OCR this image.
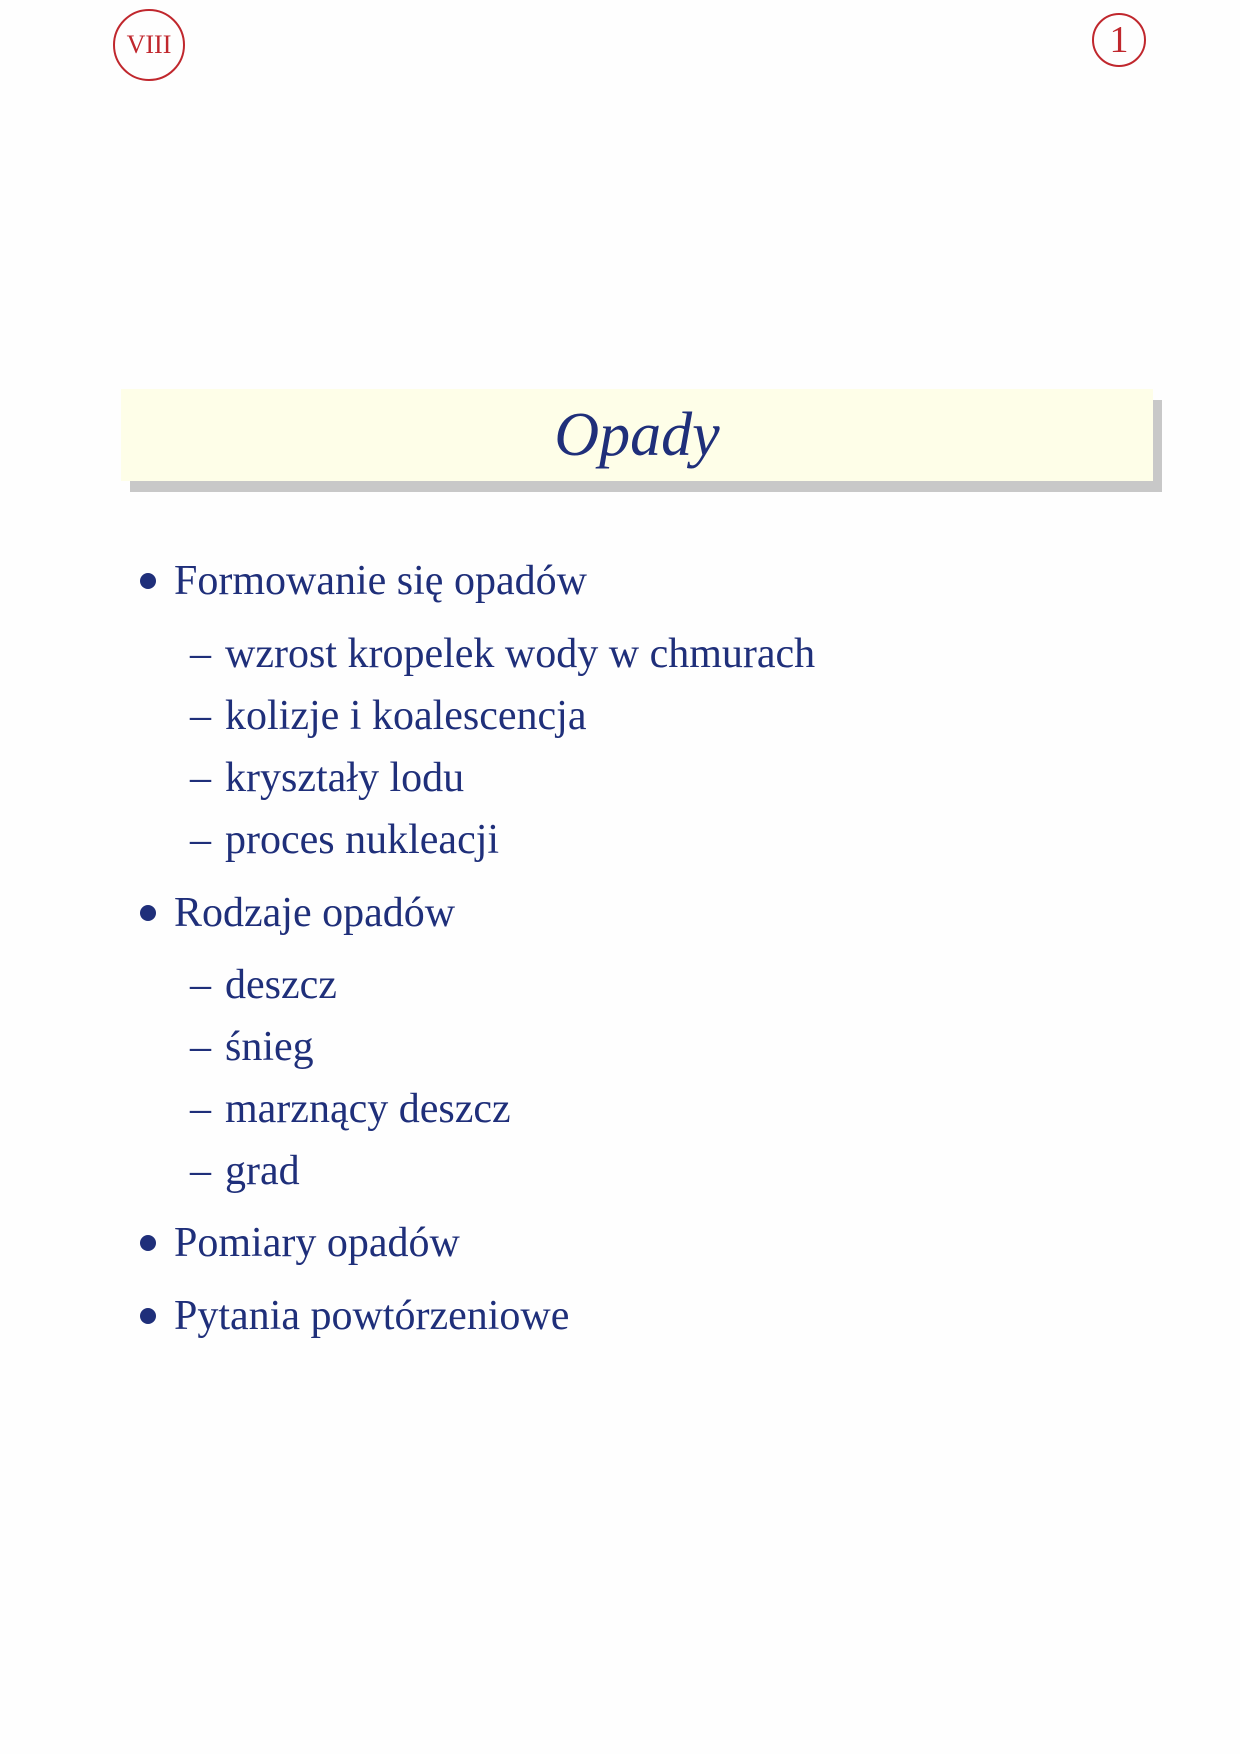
VIII	1
Opady
Formowanie się opadów
– wzrost kropelek wody w chmurach
– kolizje i koalescencja
– kryształy lodu
– proces nukleacji
Rodzaje opadów
– deszcz
– śnieg
– marznący deszcz
– grad
Pomiary opadów
Pytania powtórzeniowe
